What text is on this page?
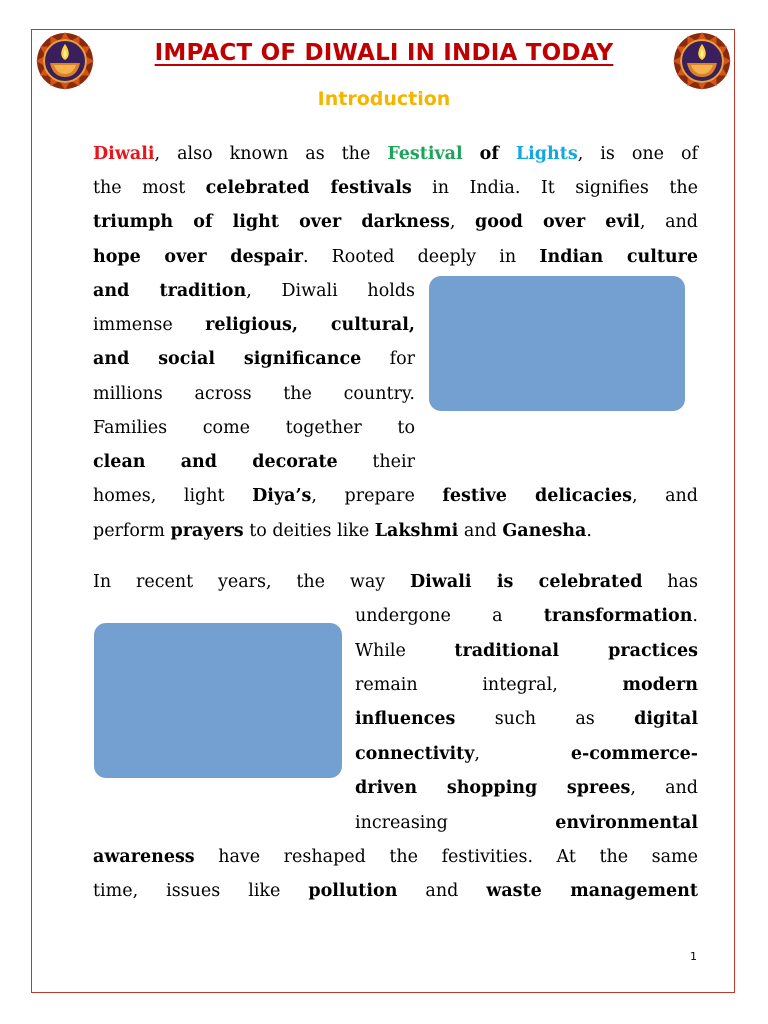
IMPACT OF DIWALI IN INDIA TODAY
Introduction
Diwali, also known as the Festival of Lights, is one of
the most celebrated festivals in India. It signifies the
triumph of light over darkness, good over evil, and
hope over despair. Rooted deeply in Indian culture
and tradition, Diwali holds
immense religious, cultural,
and social significance for
millions across the country.
Families come together to
clean and decorate their
homes, light Diya’s, prepare festive delicacies, and
perform prayers to deities like Lakshmi and Ganesha.
In recent years, the way Diwali is celebrated has
undergone a transformation.
While traditional practices
remain integral, modern
influences such as digital
connectivity, e-commerce-
driven shopping sprees, and
increasing environmental
awareness have reshaped the festivities. At the same
time, issues like pollution and waste management
1
